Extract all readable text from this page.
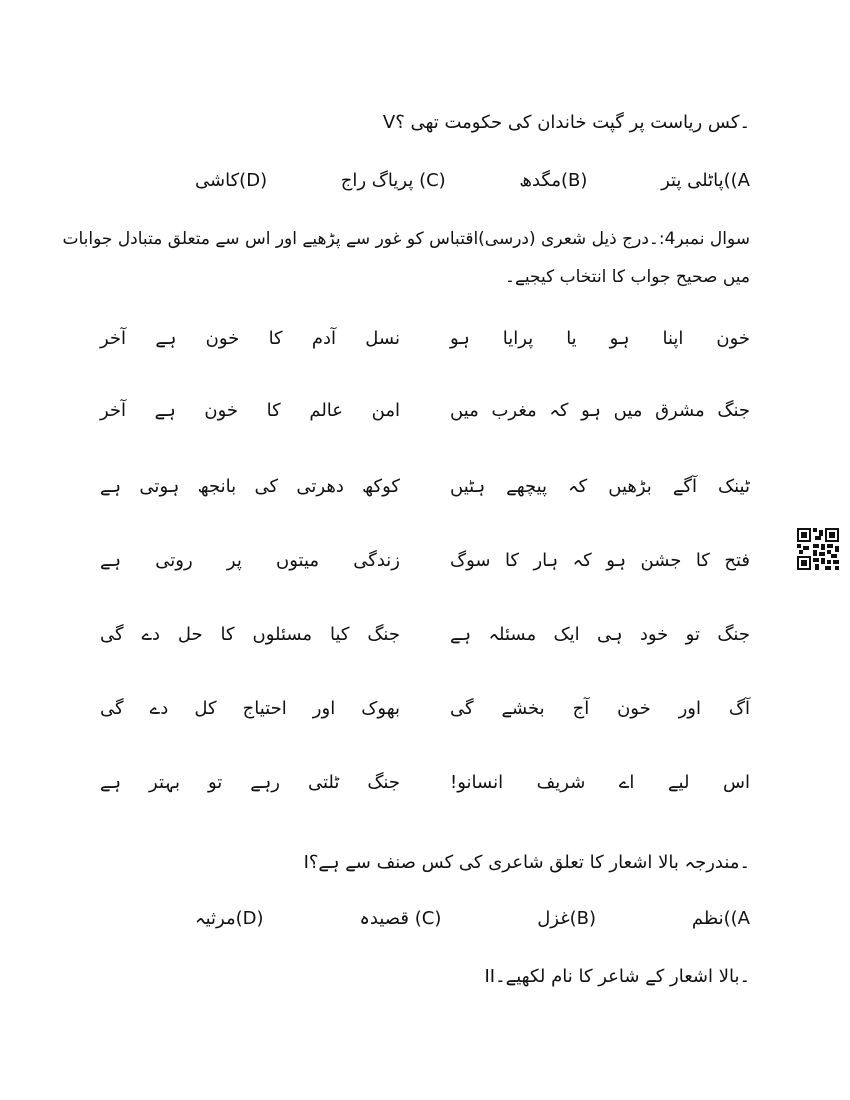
V۔کس ریاست پر گپت خاندان کی حکومت تھی ؟
A))پاٹلی پتر
(B)مگدھ
(C) پریاگ راج
(D)کاشی
سوال نمبر4:۔درج ذیل شعری (درسی)اقتباس کو غور سے پڑھیے اور اس سے متعلق متبادل جوابات
میں صحیح جواب کا انتخاب کیجیے۔
خون اپنا ہو یا پرایا ہو
نسل آدم کا خون ہے آخر
جنگ مشرق میں ہو کہ مغرب میں
امن عالم کا خون ہے آخر
ٹینک آگے بڑھیں کہ پیچھے ہٹیں
کوکھ دھرتی کی بانجھ ہوتی ہے
فتح کا جشن ہو کہ ہار کا سوگ
زندگی میتوں پر روتی ہے
جنگ تو خود ہی ایک مسئلہ ہے
جنگ کیا مسئلوں کا حل دے گی
آگ اور خون آج بخشے گی
بھوک اور احتیاج کل دے گی
اس لیے اے شریف انسانو!
جنگ ٹلتی رہے تو بہتر ہے
I۔مندرجہ بالا اشعار کا تعلق شاعری کی کس صنف سے ہے؟
A))نظم
(B)غزل
(C) قصیدہ
(D)مرثیہ
II۔بالا اشعار کے شاعر کا نام لکھیے۔
